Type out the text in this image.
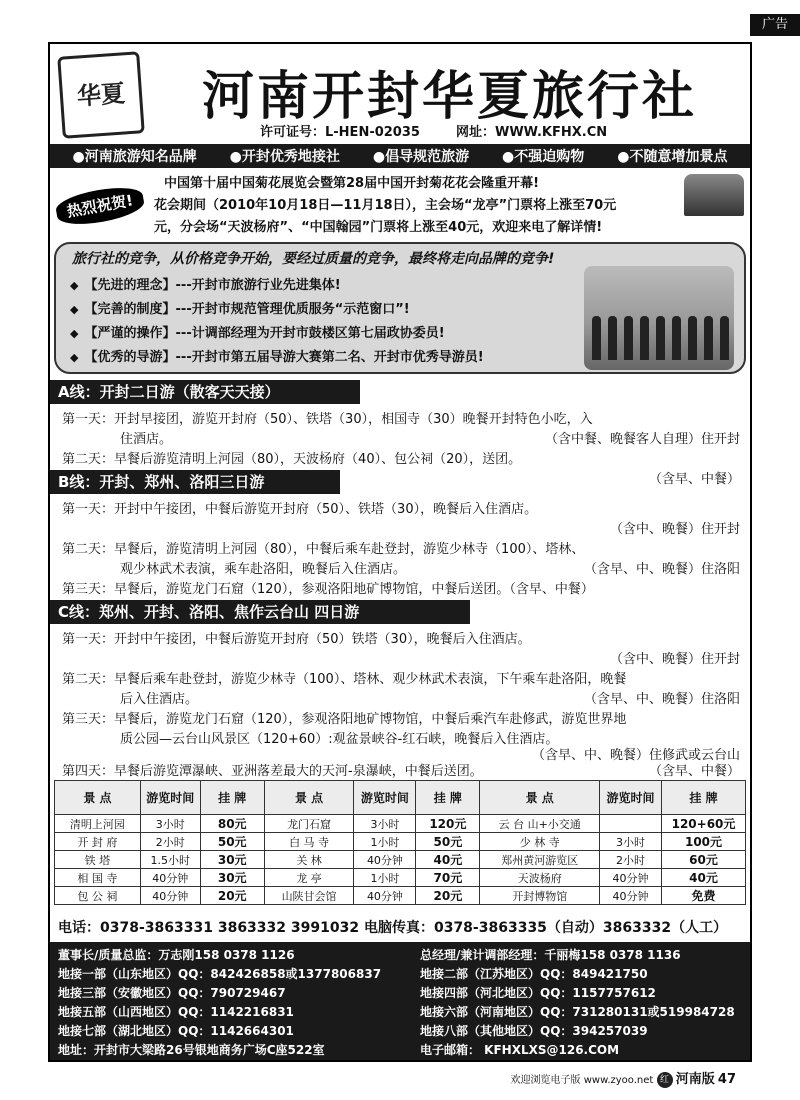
广告
华夏 河南开封华夏旅行社
许可证号：L-HEN-02035	网址：WWW.KFHX.CN
●河南旅游知名品牌 ●开封优秀地接社 ●倡导规范旅游 ●不强迫购物 ●不随意增加景点
热烈祝贺!
中国第十届中国菊花展览会暨第28届中国开封菊花花会隆重开幕!
花会期间（2010年10月18日—11月18日），主会场“龙亭”门票将上涨至70元
元，分会场“天波杨府”、“中国翰园”门票将上涨至40元，欢迎来电了解详情!
旅行社的竞争，从价格竞争开始，要经过质量的竞争，最终将走向品牌的竞争!
◆ 【先进的理念】---开封市旅游行业先进集体!
◆ 【完善的制度】---开封市规范管理优质服务“示范窗口”!
◆ 【严谨的操作】---计调部经理为开封市鼓楼区第七届政协委员!
◆ 【优秀的导游】---开封市第五届导游大赛第二名、开封市优秀导游员!
A线：开封二日游（散客天天接）
第一天：开封早接团，游览开封府（50）、铁塔（30），相国寺（30）晚餐开封特色小吃，入
住酒店。	（含中餐、晚餐客人自理）住开封
第二天：早餐后游览清明上河园（80），天波杨府（40）、包公祠（20），送团。
（含早、中餐）
B线：开封、郑州、洛阳三日游
第一天：开封中午接团，中餐后游览开封府（50）、铁塔（30），晚餐后入住酒店。
（含中、晚餐）住开封
第二天：早餐后，游览清明上河园（80），中餐后乘车赴登封，游览少林寺（100）、塔林、
观少林武术表演，乘车赴洛阳，晚餐后入住酒店。	（含早、中、晚餐）住洛阳
第三天：早餐后，游览龙门石窟（120），参观洛阳地矿博物馆，中餐后送团。（含早、中餐）
C线：郑州、开封、洛阳、焦作云台山 四日游
第一天：开封中午接团，中餐后游览开封府（50）铁塔（30），晚餐后入住酒店。
（含中、晚餐）住开封
第二天：早餐后乘车赴登封，游览少林寺（100）、塔林、观少林武术表演，下午乘车赴洛阳，晚餐
后入住酒店。	（含早、中、晚餐）住洛阳
第三天：早餐后，游览龙门石窟（120），参观洛阳地矿博物馆，中餐后乘汽车赴修武，游览世界地
质公园—云台山风景区（120+60）:观盆景峡谷-红石峡，晚餐后入住酒店。
（含早、中、晚餐）住修武或云台山
第四天：早餐后游览潭瀑峡、亚洲落差最大的天河-泉瀑峡，中餐后送团。	（含早、中餐）
景 点	游览时间	挂 牌	景 点	游览时间	挂 牌	景 点	游览时间	挂 牌
清明上河园	3小时	80元	龙门石窟	3小时	120元	云 台 山+小交通		120+60元
开 封 府	2小时	50元	白 马 寺	1小时	50元	少 林 寺	3小时	100元
铁 塔	1.5小时	30元	关 林	40分钟	40元	郑州黄河游览区	2小时	60元
相 国 寺	40分钟	30元	龙 亭	1小时	70元	天波杨府	40分钟	40元
包 公 祠	40分钟	20元	山陕甘会馆	40分钟	20元	开封博物馆	40分钟	免费
电话：0378-3863331 3863332 3991032 电脑传真：0378-3863335（自动）3863332（人工）
董事长/质量总监：万志刚158 0378 1126
地接一部（山东地区）QQ：842426858或1377806837
地接三部（安徽地区）QQ：790729467
地接五部（山西地区）QQ：1142216831
地接七部（湖北地区）QQ：1142664301
地址：开封市大梁路26号银地商务广场C座522室
总经理/兼计调部经理：千丽梅158 0378 1136
地接二部（江苏地区）QQ：849421750
地接四部（河北地区）QQ：1157757612
地接六部（河南地区）QQ：731280131或519984728
地接八部（其他地区）QQ：394257039
电子邮箱： KFHXLXS@126.COM
欢迎浏览电子版 www.zyoo.net 红 河南版 47
